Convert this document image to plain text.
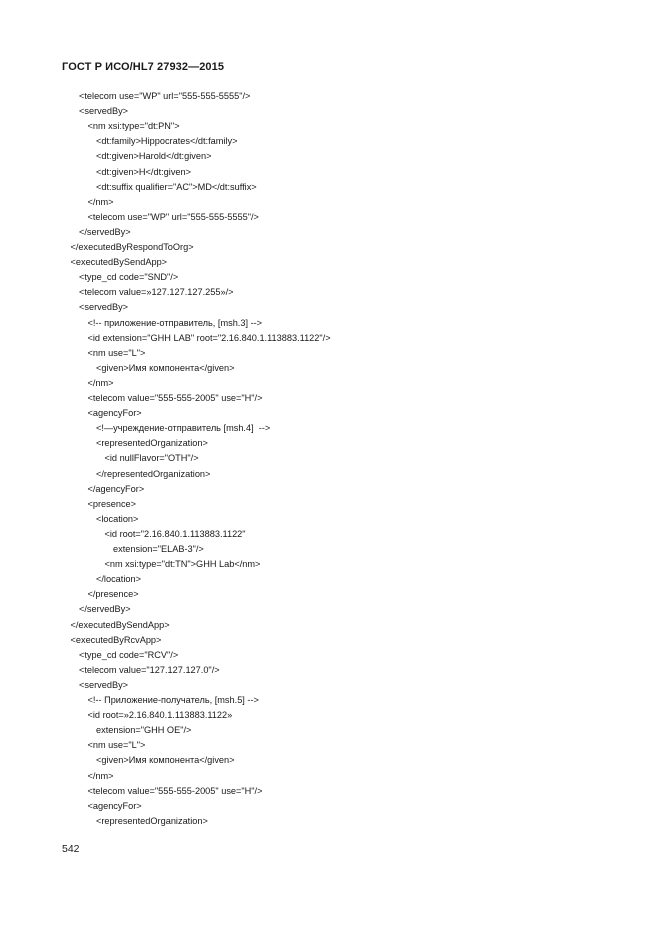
ГОСТ Р ИСО/HL7 27932—2015
<telecom use="WP" url="555-555-5555"/>
<servedBy>
<nm xsi:type="dt:PN">
<dt:family>Hippocrates</dt:family>
<dt:given>Harold</dt:given>
<dt:given>H</dt:given>
<dt:suffix qualifier="AC">MD</dt:suffix>
</nm>
<telecom use="WP" url="555-555-5555"/>
</servedBy>
</executedByRespondToOrg>
<executedBySendApp>
<type_cd code="SND"/>
<telecom value=»127.127.127.255»/>
<servedBy>
<!-- приложение-отправитель, [msh.3] -->
<id extension="GHH LAB" root="2.16.840.1.113883.1122"/>
<nm use="L">
<given>Имя компонента</given>
</nm>
<telecom value="555-555-2005" use="H"/>
<agencyFor>
<!—учреждение-отправитель [msh.4]  -->
<representedOrganization>
<id nullFlavor="OTH"/>
</representedOrganization>
</agencyFor>
<presence>
<location>
<id root="2.16.840.1.113883.1122"
extension="ELAB-3"/>
<nm xsi:type="dt:TN">GHH Lab</nm>
</location>
</presence>
</servedBy>
</executedBySendApp>
<executedByRcvApp>
<type_cd code="RCV"/>
<telecom value="127.127.127.0"/>
<servedBy>
<!-- Приложение-получатель, [msh.5] -->
<id root=»2.16.840.1.113883.1122»
extension="GHH OE"/>
<nm use="L">
<given>Имя компонента</given>
</nm>
<telecom value="555-555-2005" use="H"/>
<agencyFor>
<representedOrganization>
542
